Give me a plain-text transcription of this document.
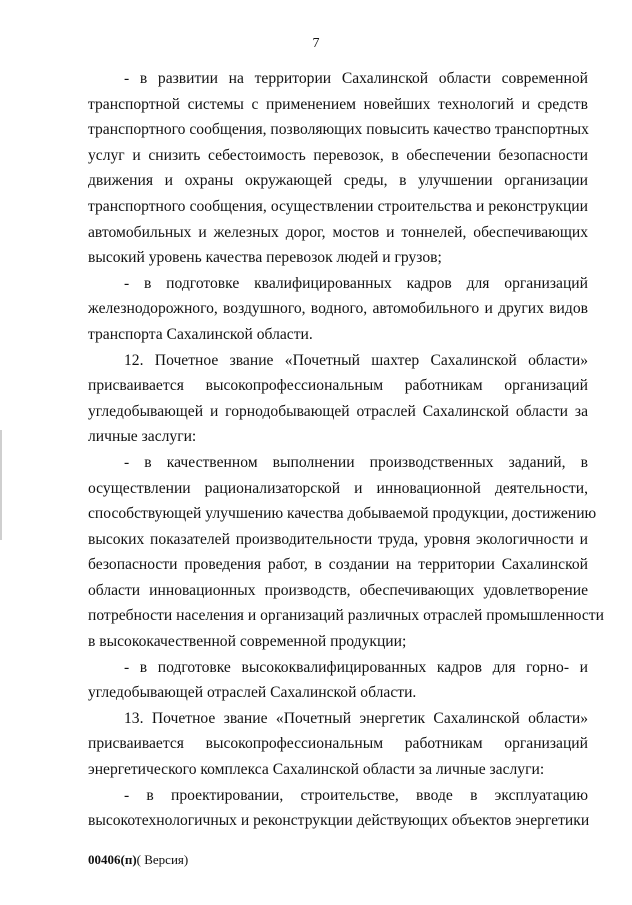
7
- в развитии на территории Сахалинской области современной
транспортной системы с применением новейших технологий и средств
транспортного сообщения, позволяющих повысить качество транспортных
услуг и снизить себестоимость перевозок, в обеспечении безопасности
движения и охраны окружающей среды, в улучшении организации
транспортного сообщения, осуществлении строительства и реконструкции
автомобильных и железных дорог, мостов и тоннелей, обеспечивающих
высокий уровень качества перевозок людей и грузов;
- в подготовке квалифицированных кадров для организаций
железнодорожного, воздушного, водного, автомобильного и других видов
транспорта Сахалинской области.
12. Почетное звание «Почетный шахтер Сахалинской области»
присваивается высокопрофессиональным работникам организаций
угледобывающей и горнодобывающей отраслей Сахалинской области за
личные заслуги:
- в качественном выполнении производственных заданий, в
осуществлении рационализаторской и инновационной деятельности,
способствующей улучшению качества добываемой продукции, достижению
высоких показателей производительности труда, уровня экологичности и
безопасности проведения работ, в создании на территории Сахалинской
области инновационных производств, обеспечивающих удовлетворение
потребности населения и организаций различных отраслей промышленности
в высококачественной современной продукции;
- в подготовке высококвалифицированных кадров для горно- и
угледобывающей отраслей Сахалинской области.
13. Почетное звание «Почетный энергетик Сахалинской области»
присваивается высокопрофессиональным работникам организаций
энергетического комплекса Сахалинской области за личные заслуги:
- в проектировании, строительстве, вводе в эксплуатацию
высокотехнологичных и реконструкции действующих объектов энергетики
00406(п)( Версия)
